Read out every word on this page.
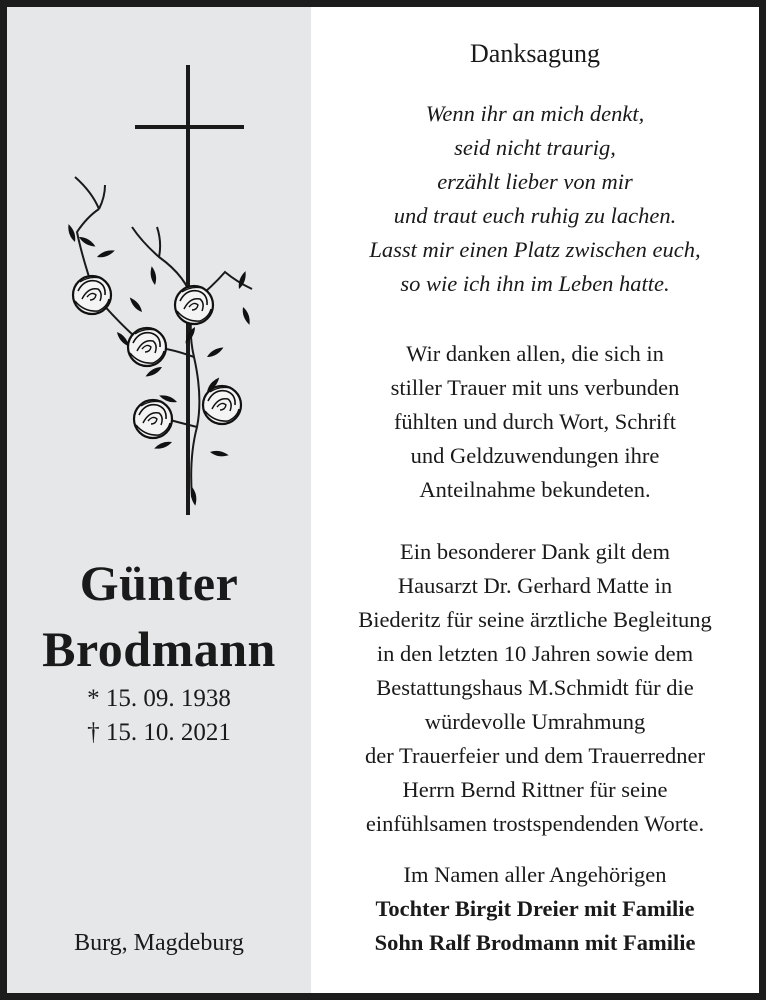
Günter
Brodmann
* 15. 09. 1938
† 15. 10. 2021
Burg, Magdeburg
Danksagung
Wenn ihr an mich denkt,
seid nicht traurig,
erzählt lieber von mir
und traut euch ruhig zu lachen.
Lasst mir einen Platz zwischen euch,
so wie ich ihn im Leben hatte.
Wir danken allen, die sich in
stiller Trauer mit uns verbunden
fühlten und durch Wort, Schrift
und Geldzuwendungen ihre
Anteilnahme bekundeten.
Ein besonderer Dank gilt dem
Hausarzt Dr. Gerhard Matte in
Biederitz für seine ärztliche Begleitung
in den letzten 10 Jahren sowie dem
Bestattungshaus M.Schmidt für die
würdevolle Umrahmung
der Trauerfeier und dem Trauerredner
Herrn Bernd Rittner für seine
einfühlsamen trostspendenden Worte.
Im Namen aller Angehörigen
Tochter Birgit Dreier mit Familie
Sohn Ralf Brodmann mit Familie
